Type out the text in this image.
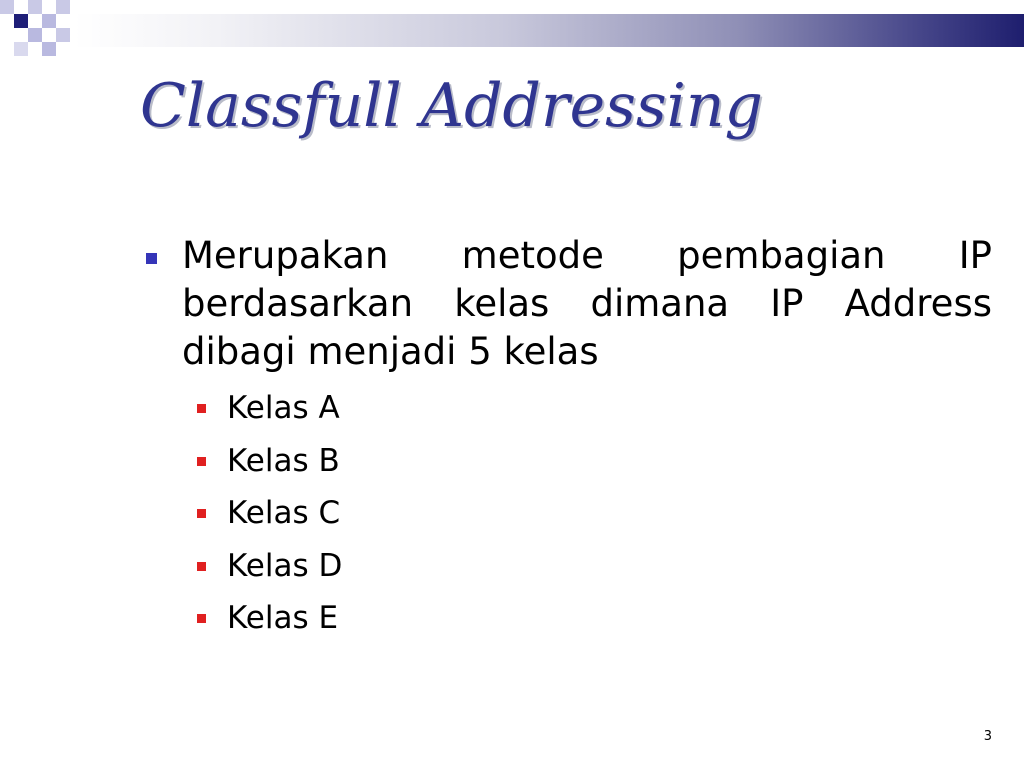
Classfull Addressing

Merupakan metode pembagian IP berdasarkan kelas dimana IP Address dibagi menjadi 5 kelas

Kelas A
Kelas B
Kelas C
Kelas D
Kelas E
3
